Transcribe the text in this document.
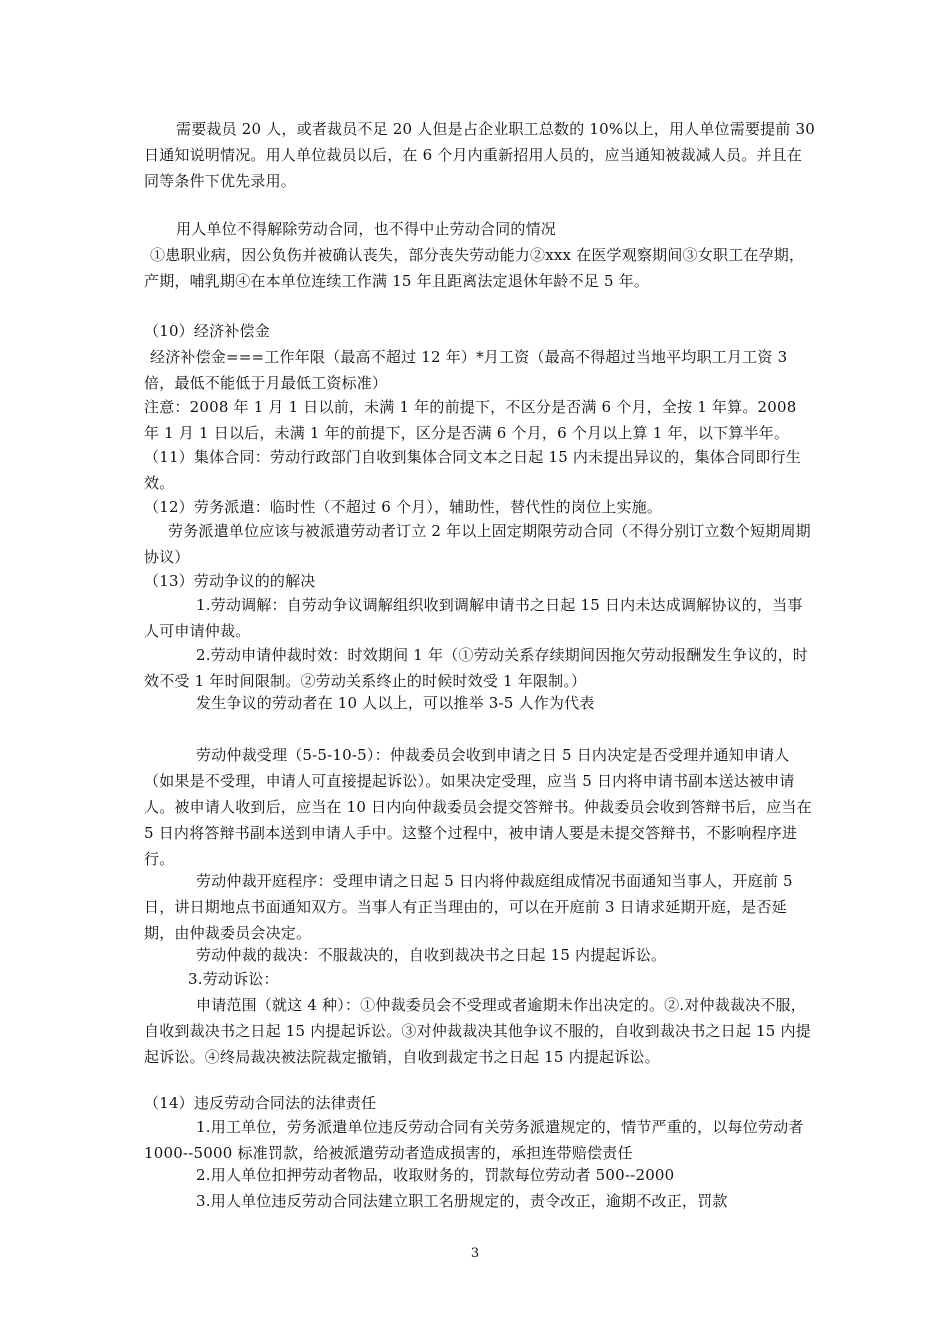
需要裁员 20 人，或者裁员不足 20 人但是占企业职工总数的 10%以上，用人单位需要提前 30 日通知说明情况。用人单位裁员以后，在 6 个月内重新招用人员的，应当通知被裁减人员。并且在同等条件下优先录用。

用人单位不得解除劳动合同，也不得中止劳动合同的情况

①患职业病，因公负伤并被确认丧失，部分丧失劳动能力②xxx 在医学观察期间③女职工在孕期，产期，哺乳期④在本单位连续工作满 15 年且距离法定退休年龄不足 5 年。

（10）经济补偿金

经济补偿金===工作年限（最高不超过 12 年）*月工资（最高不得超过当地平均职工月工资 3 倍，最低不能低于月最低工资标准）

注意：2008 年 1 月 1 日以前，未满 1 年的前提下，不区分是否满 6 个月，全按 1 年算。2008 年 1 月 1 日以后，未满 1 年的前提下，区分是否满 6 个月，6 个月以上算 1 年，以下算半年。

（11）集体合同：劳动行政部门自收到集体合同文本之日起 15 内未提出异议的，集体合同即行生效。

（12）劳务派遣：临时性（不超过 6 个月），辅助性，替代性的岗位上实施。

劳务派遣单位应该与被派遣劳动者订立 2 年以上固定期限劳动合同（不得分别订立数个短期周期协议）

（13）劳动争议的的解决

1.劳动调解：自劳动争议调解组织收到调解申请书之日起 15 日内未达成调解协议的，当事人可申请仲裁。

2.劳动申请仲裁时效：时效期间 1 年（①劳动关系存续期间因拖欠劳动报酬发生争议的，时效不受 1 年时间限制。②劳动关系终止的时候时效受 1 年限制。）

发生争议的劳动者在 10 人以上，可以推举 3-5 人作为代表

劳动仲裁受理（5-5-10-5）：仲裁委员会收到申请之日 5 日内决定是否受理并通知申请人（如果是不受理，申请人可直接提起诉讼）。如果决定受理，应当 5 日内将申请书副本送达被申请人。被申请人收到后，应当在 10 日内向仲裁委员会提交答辩书。仲裁委员会收到答辩书后，应当在 5 日内将答辩书副本送到申请人手中。这整个过程中，被申请人要是未提交答辩书，不影响程序进行。

劳动仲裁开庭程序：受理申请之日起 5 日内将仲裁庭组成情况书面通知当事人，开庭前 5 日，讲日期地点书面通知双方。当事人有正当理由的，可以在开庭前 3 日请求延期开庭，是否延期，由仲裁委员会决定。

劳动仲裁的裁决：不服裁决的，自收到裁决书之日起 15 内提起诉讼。

3.劳动诉讼：

申请范围（就这 4 种）：①仲裁委员会不受理或者逾期未作出决定的。②.对仲裁裁决不服，自收到裁决书之日起 15 内提起诉讼。③对仲裁裁决其他争议不服的，自收到裁决书之日起 15 内提起诉讼。④终局裁决被法院裁定撤销，自收到裁定书之日起 15 内提起诉讼。

（14）违反劳动合同法的法律责任

1.用工单位，劳务派遣单位违反劳动合同有关劳务派遣规定的，情节严重的，以每位劳动者 1000--5000 标准罚款，给被派遣劳动者造成损害的，承担连带赔偿责任

2.用人单位扣押劳动者物品，收取财务的，罚款每位劳动者 500--2000

3.用人单位违反劳动合同法建立职工名册规定的，责令改正，逾期不改正，罚款

3
